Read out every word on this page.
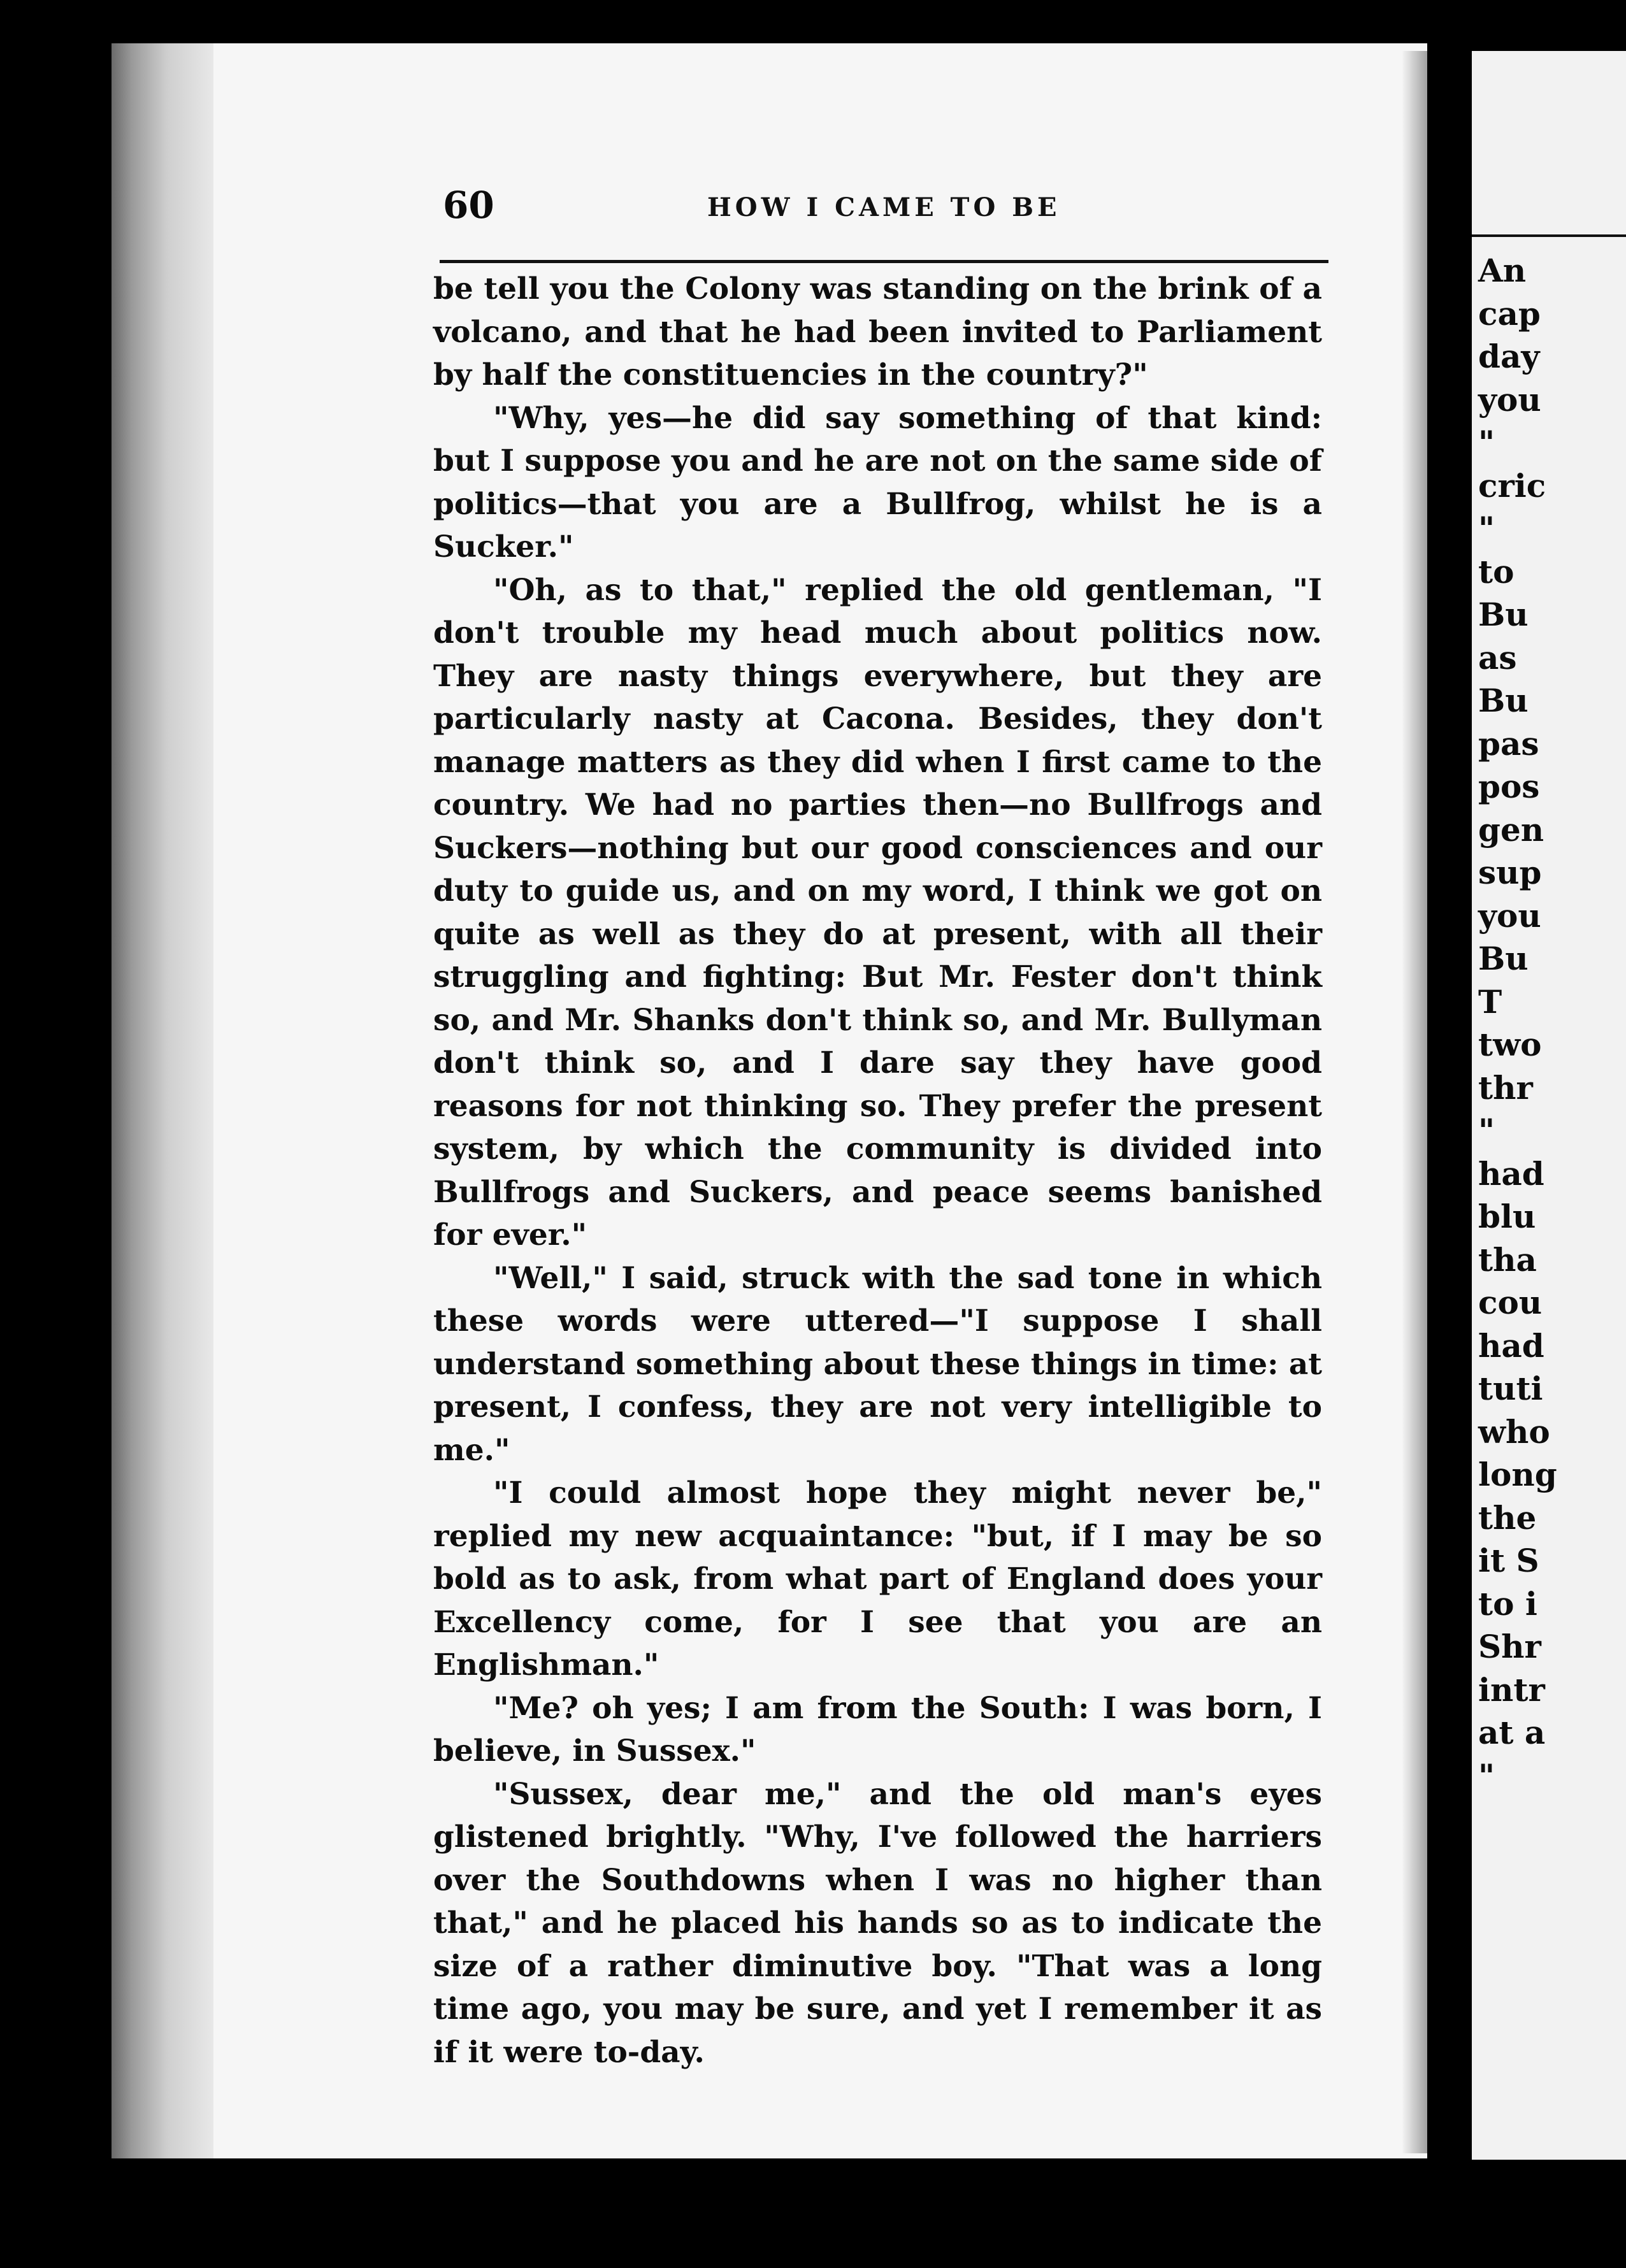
60	HOW I CAME TO BE

be tell you the Colony was standing on the brink of a volcano, and that he had been invited to Parliament by half the constituencies in the country?"

"Why, yes—he did say something of that kind: but I suppose you and he are not on the same side of politics—that you are a Bullfrog, whilst he is a Sucker."

"Oh, as to that," replied the old gentleman, "I don't trouble my head much about politics now. They are nasty things everywhere, but they are particularly nasty at Cacona. Besides, they don't manage matters as they did when I first came to the country. We had no parties then—no Bullfrogs and Suckers—nothing but our good consciences and our duty to guide us, and on my word, I think we got on quite as well as they do at present, with all their struggling and fighting: But Mr. Fester don't think so, and Mr. Shanks don't think so, and Mr. Bullyman don't think so, and I dare say they have good reasons for not thinking so. They prefer the present system, by which the community is divided into Bullfrogs and Suckers, and peace seems banished for ever."

"Well," I said, struck with the sad tone in which these words were uttered—"I suppose I shall understand something about these things in time: at present, I confess, they are not very intelligible to me."

"I could almost hope they might never be," replied my new acquaintance: "but, if I may be so bold as to ask, from what part of England does your Excellency come, for I see that you are an Englishman."

"Me? oh yes; I am from the South: I was born, I believe, in Sussex."

"Sussex, dear me," and the old man's eyes glistened brightly. "Why, I've followed the harriers over the Southdowns when I was no higher than that," and he placed his hands so as to indicate the size of a rather diminutive boy. "That was a long time ago, you may be sure, and yet I remember it as if it were to-day.

An
cap
day
you
"
cric
"
to
Bu
as
Bu
pas
pos
gen
sup
you
Bu
T
two
thr
"
had
blu
tha
cou
had
tuti
who
long
the
it S
to i
Shr
intr
at a
"
